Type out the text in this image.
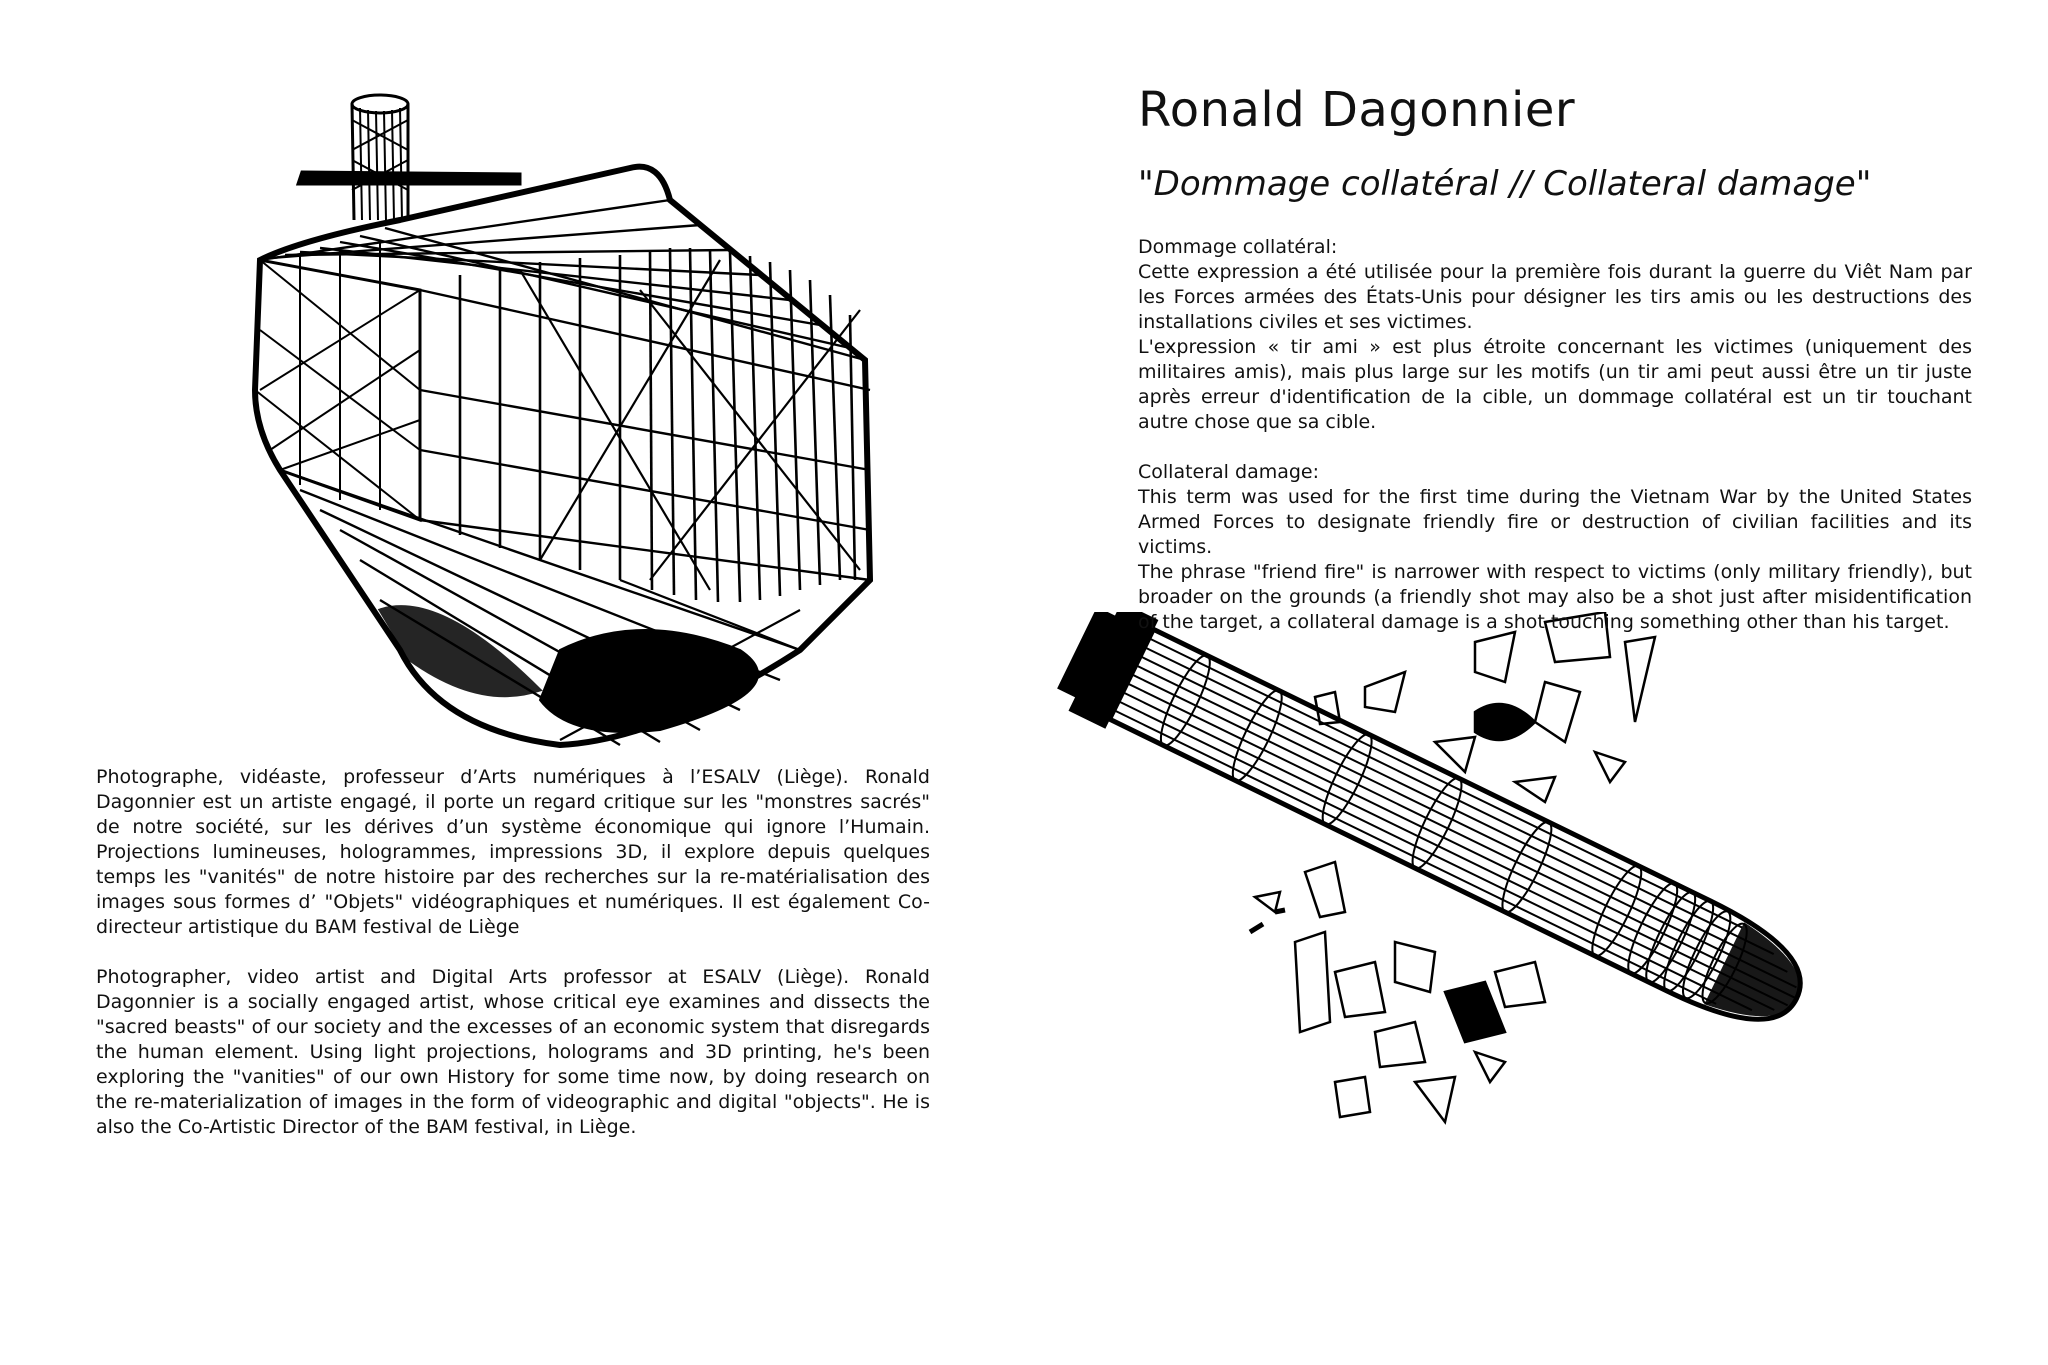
Ronald Dagonnier
"Dommage collatéral // Collateral damage"

Dommage collatéral:

Cette expression a été utilisée pour la première fois durant la guerre du Viêt Nam par les Forces armées des États-Unis pour désigner les tirs amis ou les destructions des installations civiles et ses victimes.

L'expression « tir ami » est plus étroite concernant les victimes (uniquement des militaires amis), mais plus large sur les motifs (un tir ami peut aussi être un tir juste après erreur d'identification de la cible, un dommage collatéral est un tir touchant autre chose que sa cible.

Collateral damage:

This term was used for the first time during the Vietnam War by the United States Armed Forces to designate friendly fire or destruction of civilian facilities and its victims.

The phrase "friend fire" is narrower with respect to victims (only military friendly), but broader on the grounds (a friendly shot may also be a shot just after misidentification of the target, a collateral damage is a shot touching something other than his target.

Photographe, vidéaste, professeur d’Arts numériques à l’ESALV (Liège). Ronald Dagonnier est un artiste engagé, il porte un regard critique sur les "monstres sacrés" de notre société, sur les dérives d’un système économique qui ignore l’Humain. Projections lumineuses, hologrammes, impressions 3D, il explore depuis quelques temps les "vanités" de notre histoire par des recherches sur la re-matérialisation des images sous formes d’ "Objets" vidéographiques et numériques. Il est également Co-directeur artistique du BAM festival de Liège

Photographer, video artist and Digital Arts professor at ESALV (Liège). Ronald Dagonnier is a socially engaged artist, whose critical eye examines and dissects the "sacred beasts" of our society and the excesses of an economic system that disregards the human element. Using light projections, holograms and 3D printing, he's been exploring the "vanities" of our own History for some time now, by doing research on the re-materialization of images in the form of videographic and digital "objects". He is also the Co-Artistic Director of the BAM festival, in Liège.
